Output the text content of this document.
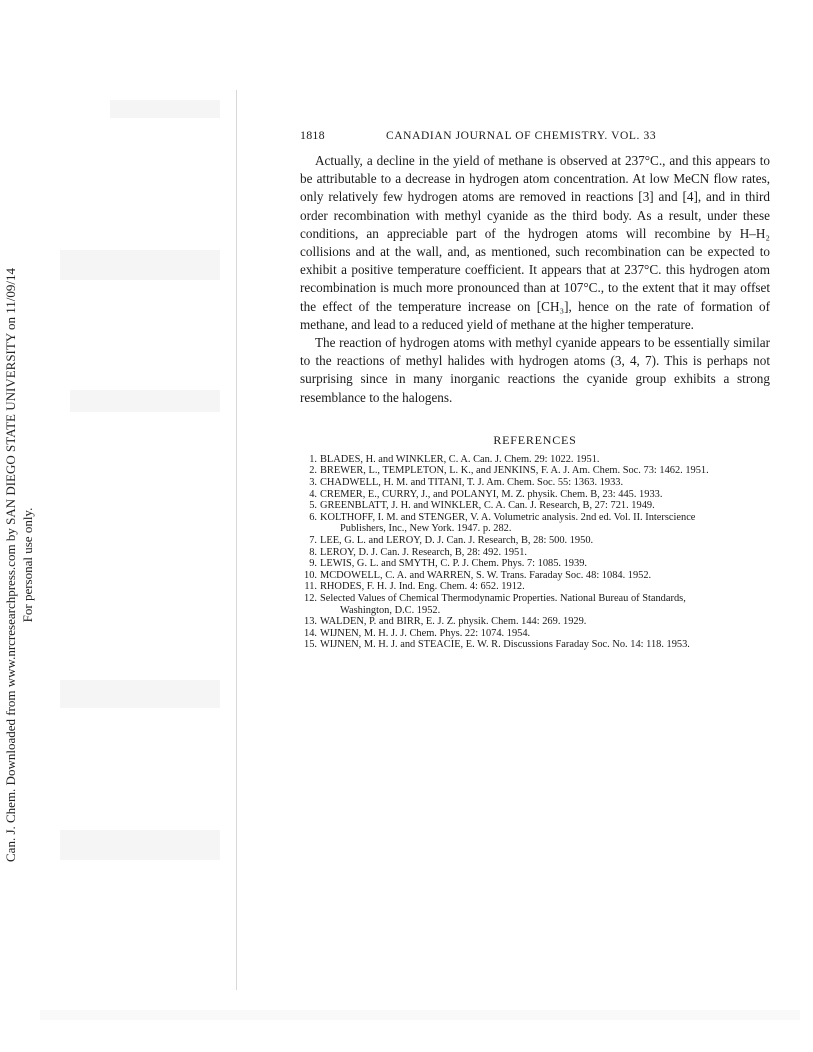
Can. J. Chem. Downloaded from www.nrcresearchpress.com by SAN DIEGO STATE UNIVERSITY on 11/09/14 For personal use only.
1818	CANADIAN JOURNAL OF CHEMISTRY. VOL. 33

Actually, a decline in the yield of methane is observed at 237°C., and this appears to be attributable to a decrease in hydrogen atom concentration. At low MeCN flow rates, only relatively few hydrogen atoms are removed in reactions [3] and [4], and in third order recombination with methyl cyanide as the third body. As a result, under these conditions, an appreciable part of the hydrogen atoms will recombine by H–H₂ collisions and at the wall, and, as mentioned, such recombination can be expected to exhibit a positive temperature coefficient. It appears that at 237°C. this hydrogen atom recombination is much more pronounced than at 107°C., to the extent that it may offset the effect of the temperature increase on [CH₃], hence on the rate of formation of methane, and lead to a reduced yield of methane at the higher temperature.

The reaction of hydrogen atoms with methyl cyanide appears to be essentially similar to the reactions of methyl halides with hydrogen atoms (3, 4, 7). This is perhaps not surprising since in many inorganic reactions the cyanide group exhibits a strong resemblance to the halogens.

REFERENCES
1. BLADES, H. and WINKLER, C. A. Can. J. Chem. 29: 1022. 1951.
2. BREWER, L., TEMPLETON, L. K., and JENKINS, F. A. J. Am. Chem. Soc. 73: 1462. 1951.
3. CHADWELL, H. M. and TITANI, T. J. Am. Chem. Soc. 55: 1363. 1933.
4. CREMER, E., CURRY, J., and POLANYI, M. Z. physik. Chem. B, 23: 445. 1933.
5. GREENBLATT, J. H. and WINKLER, C. A. Can. J. Research, B, 27: 721. 1949.
6. KOLTHOFF, I. M. and STENGER, V. A. Volumetric analysis. 2nd ed. Vol. II. Interscience
Publishers, Inc., New York. 1947. p. 282.
7. LEE, G. L. and LEROY, D. J. Can. J. Research, B, 28: 500. 1950.
8. LEROY, D. J. Can. J. Research, B, 28: 492. 1951.
9. LEWIS, G. L. and SMYTH, C. P. J. Chem. Phys. 7: 1085. 1939.
10. MCDOWELL, C. A. and WARREN, S. W. Trans. Faraday Soc. 48: 1084. 1952.
11. RHODES, F. H. J. Ind. Eng. Chem. 4: 652. 1912.
12. Selected Values of Chemical Thermodynamic Properties. National Bureau of Standards,
Washington, D.C. 1952.
13. WALDEN, P. and BIRR, E. J. Z. physik. Chem. 144: 269. 1929.
14. WIJNEN, M. H. J. J. Chem. Phys. 22: 1074. 1954.
15. WIJNEN, M. H. J. and STEACIE, E. W. R. Discussions Faraday Soc. No. 14: 118. 1953.
